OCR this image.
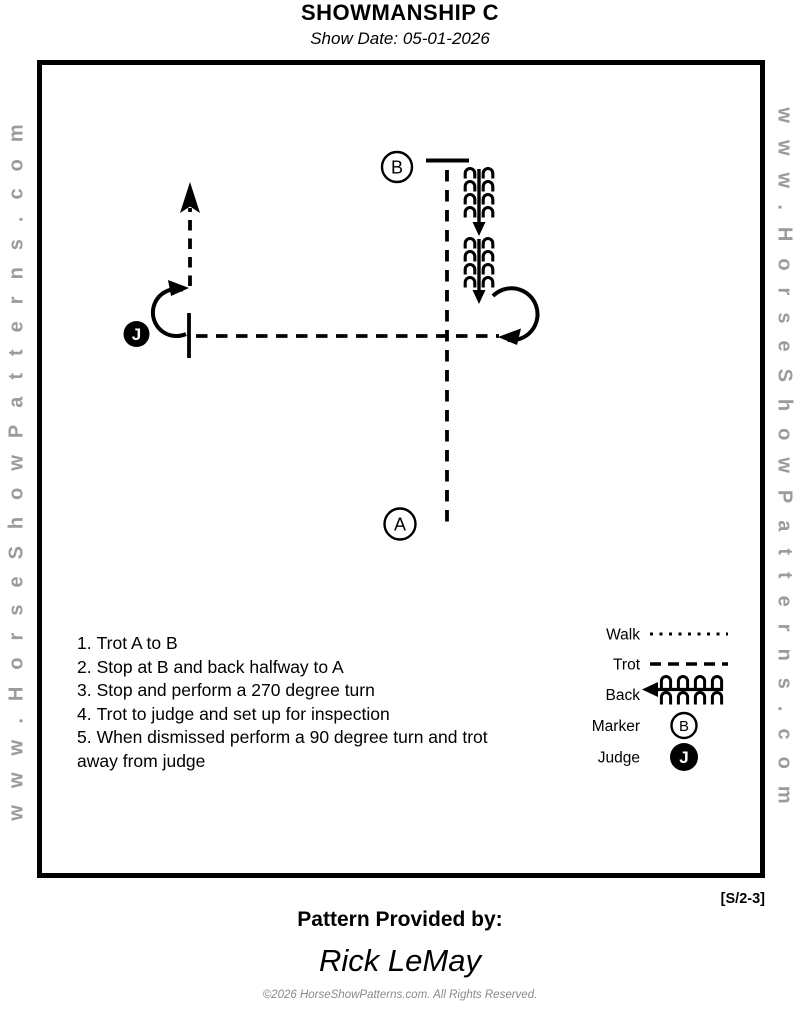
SHOWMANSHIP C
Show Date: 05-01-2026
www.HorseShowPatterns.com	www.HorseShowPatterns.com
B
J
A
Walk
Trot
Back
Marker	B
Judge J
1. Trot A to B
2. Stop at B and back halfway to A
3. Stop and perform a 270 degree turn
4. Trot to judge and set up for inspection
5. When dismissed perform a 90 degree turn and trot away from judge
[S/2-3]
Pattern Provided by:
Rick LeMay
©2026 HorseShowPatterns.com. All Rights Reserved.
